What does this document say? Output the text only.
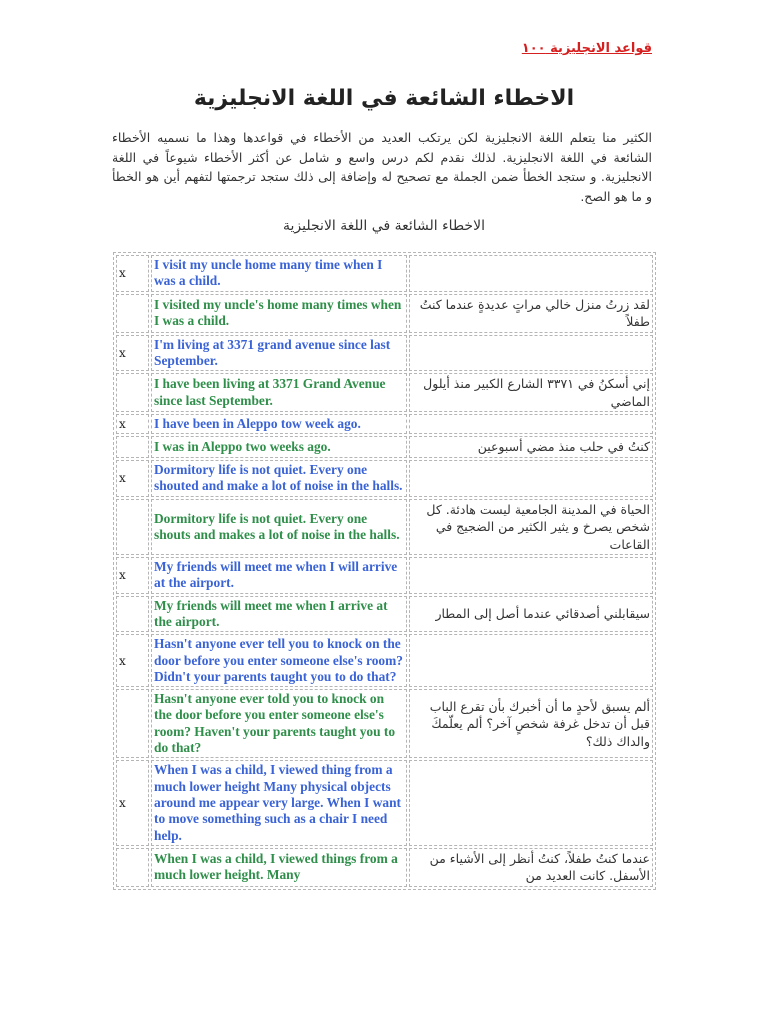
قواعد الانجليزية ١٠٠
الاخطاء الشائعة في اللغة الانجليزية
الكثير منا يتعلم اللغة الانجليزية لكن يرتكب العديد من الأخطاء في قواعدها وهذا ما نسميه الأخطاء الشائعة في اللغة الانجليزية. لذلك نقدم لكم درس واسع و شامل عن أكثر الأخطاء شيوعاً في اللغة الانجليزية. و ستجد الخطأ ضمن الجملة مع تصحيح له وإضافة إلى ذلك ستجد ترجمتها لتفهم أين هو الخطأ و ما هو الصح.
الاخطاء الشائعة في اللغة الانجليزية
x	I visit my uncle home many time when I was a child.	
	I visited my uncle's home many times when I was a child.	لقد زرتُ منزل خالي مراتٍ عديدةٍ عندما كنتُ طفلاً
x	I'm living at 3371 grand avenue since last September.	
	I have been living at 3371 Grand Avenue since last September.	إني أسكنُ في ٣٣٧١ الشارع الكبير منذ أيلول الماضي
x	I have been in Aleppo tow week ago.	
	I was in Aleppo two weeks ago.	كنتُ في حلب منذ مضي أسبوعين
x	Dormitory life is not quiet. Every one shouted and make a lot of noise in the halls.	
	Dormitory life is not quiet. Every one shouts and makes a lot of noise in the halls.	الحياة في المدينة الجامعية ليست هادئة. كل شخص يصرخ و يثير الكثير من الضجيج في القاعات
x	My friends will meet me when I will arrive at the airport.	
	My friends will meet me when I arrive at the airport.	سيقابلني أصدقائي عندما أصل إلى المطار
x	Hasn't anyone ever tell you to knock on the door before you enter someone else's room? Didn't your parents taught you to do that?	
	Hasn't anyone ever told you to knock on the door before you enter someone else's room? Haven't your parents taught you to do that?	ألم يسبق لأحدٍ ما أن أخبرك بأن تقرع الباب قبل أن تدخل غرفة شخصٍ آخر؟ ألم يعلّمكَ والداك ذلك؟
x	When I was a child, I viewed thing from a much lower height Many physical objects around me appear very large. When I want to move something such as a chair I need help.	
	When I was a child, I viewed things from a much lower height. Many	عندما كنتُ طفلاً، كنتُ أنظر إلى الأشياء من الأسفل. كانت العديد من
